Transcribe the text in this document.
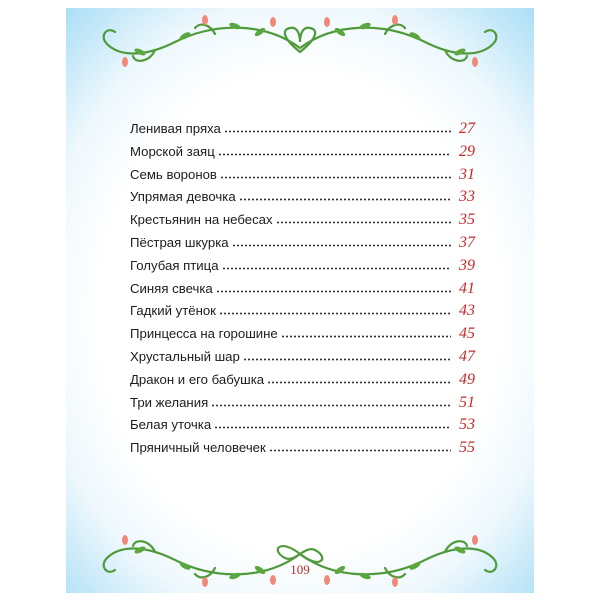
Ленивая пряха	27
Морской заяц	29
Семь воронов	31
Упрямая девочка	33
Крестьянин на небесах	35
Пёстрая шкурка	37
Голубая птица	39
Синяя свечка	41
Гадкий утёнок	43
Принцесса на горошине	45
Хрустальный шар	47
Дракон и его бабушка	49
Три желания	51
Белая уточка	53
Пряничный человечек	55
109
